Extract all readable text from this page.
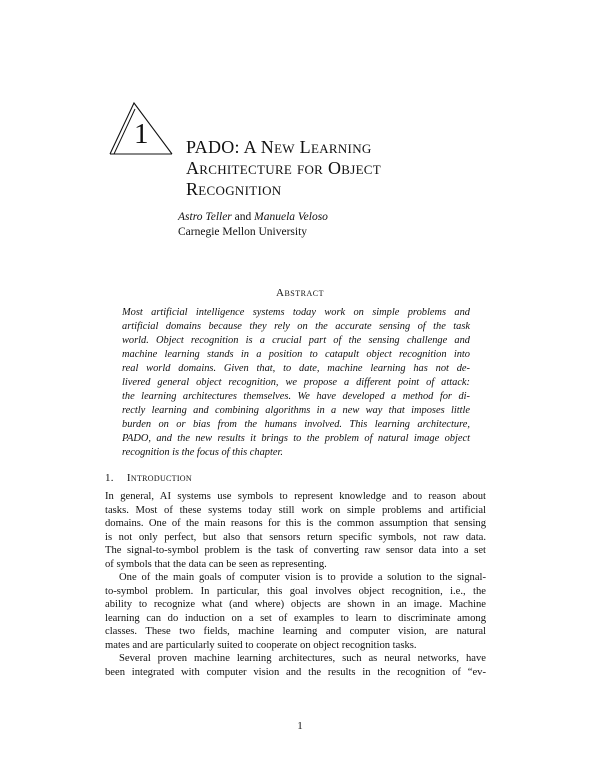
1 PADO: A New Learning
Architecture for Object
Recognition
Astro Teller and Manuela Veloso
Carnegie Mellon University
Abstract
Most artificial intelligence systems today work on simple problems and
artificial domains because they rely on the accurate sensing of the task
world. Object recognition is a crucial part of the sensing challenge and
machine learning stands in a position to catapult object recognition into
real world domains. Given that, to date, machine learning has not de-
livered general object recognition, we propose a different point of attack:
the learning architectures themselves. We have developed a method for di-
rectly learning and combining algorithms in a new way that imposes little
burden on or bias from the humans involved. This learning architecture,
PADO, and the new results it brings to the problem of natural image object
recognition is the focus of this chapter.
1. Introduction
In general, AI systems use symbols to represent knowledge and to reason about
tasks. Most of these systems today still work on simple problems and artificial
domains. One of the main reasons for this is the common assumption that sensing
is not only perfect, but also that sensors return specific symbols, not raw data.
The signal-to-symbol problem is the task of converting raw sensor data into a set
of symbols that the data can be seen as representing.
One of the main goals of computer vision is to provide a solution to the signal-
to-symbol problem. In particular, this goal involves object recognition, i.e., the
ability to recognize what (and where) objects are shown in an image. Machine
learning can do induction on a set of examples to learn to discriminate among
classes. These two fields, machine learning and computer vision, are natural
mates and are particularly suited to cooperate on object recognition tasks.
Several proven machine learning architectures, such as neural networks, have
been integrated with computer vision and the results in the recognition of “ev-
1
